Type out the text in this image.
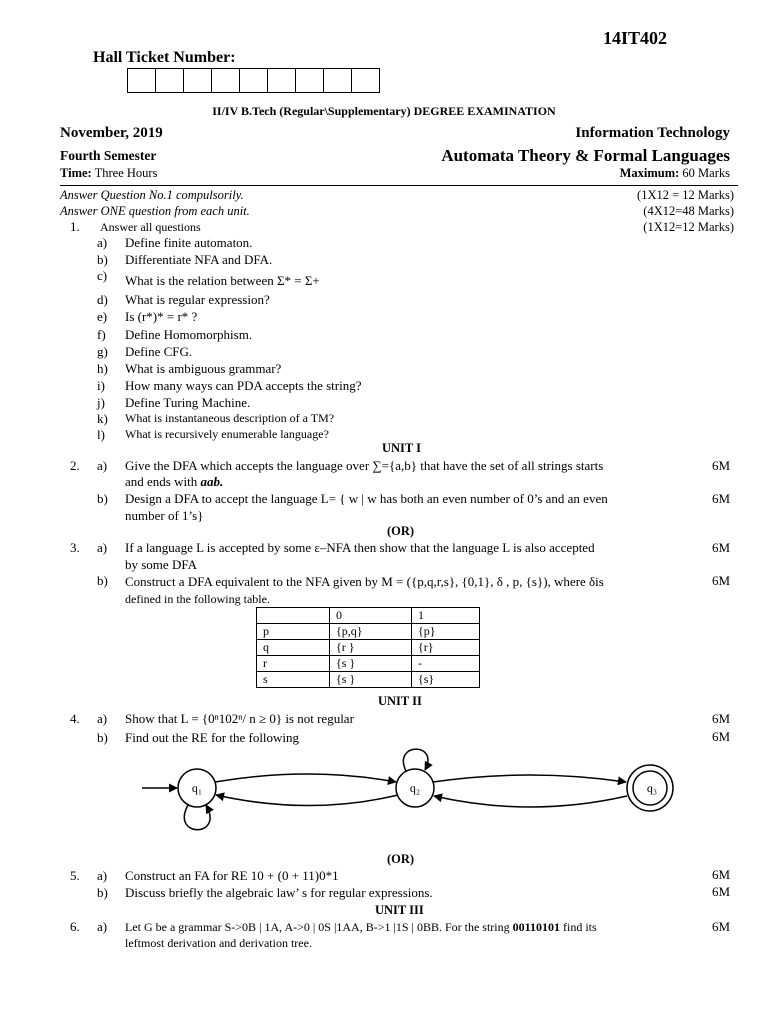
14IT402
Hall Ticket Number:
II/IV B.Tech (Regular\Supplementary) DEGREE EXAMINATION
November, 2019	Information Technology
Fourth Semester	Automata Theory & Formal Languages
Time: Three Hours	Maximum: 60 Marks
Answer Question No.1 compulsorily.	(1X12 = 12 Marks)
Answer ONE question from each unit.	(4X12=48 Marks)
1. Answer all questions	(1X12=12 Marks)
a) Define finite automaton.
b) Differentiate NFA and DFA.
c) What is the relation between Σ* = Σ+
d) What is regular expression?
e) Is (r*)* = r* ?
f) Define Homomorphism.
g) Define CFG.
h) What is ambiguous grammar?
i) How many ways can PDA accepts the string?
j) Define Turing Machine.
k) What is instantaneous description of a TM?
l) What is recursively enumerable language?
UNIT I
2. a) Give the DFA which accepts the language over ∑={a,b} that have the set of all strings starts	6M
and ends with aab.
b) Design a DFA to accept the language L= { w | w has both an even number of 0’s and an even	6M
number of 1’s}
(OR)
3. a) If a language L is accepted by some ε–NFA then show that the language L is also accepted	6M
by some DFA
b) Construct a DFA equivalent to the NFA given by M = ({p,q,r,s}, {0,1}, δ , p, {s}), where δis	6M
defined in the following table.
	0	1
p	{p,q}	{p}
q	{r }	{r}
r	{s }	-
s	{s }	{s}
UNIT II
4. a) Show that L = {0ⁿ102ⁿ/ n ≥ 0} is not regular	6M
b) Find out the RE for the following	6M
q₁	q₂	q₃
(OR)
5. a) Construct an FA for RE 10 + (0 + 11)0*1	6M
b) Discuss briefly the algebraic law’ s for regular expressions.	6M
UNIT III
6. a) Let G be a grammar S->0B | 1A, A->0 | 0S |1AA, B->1 |1S | 0BB. For the string 00110101 find its	6M
leftmost derivation and derivation tree.
